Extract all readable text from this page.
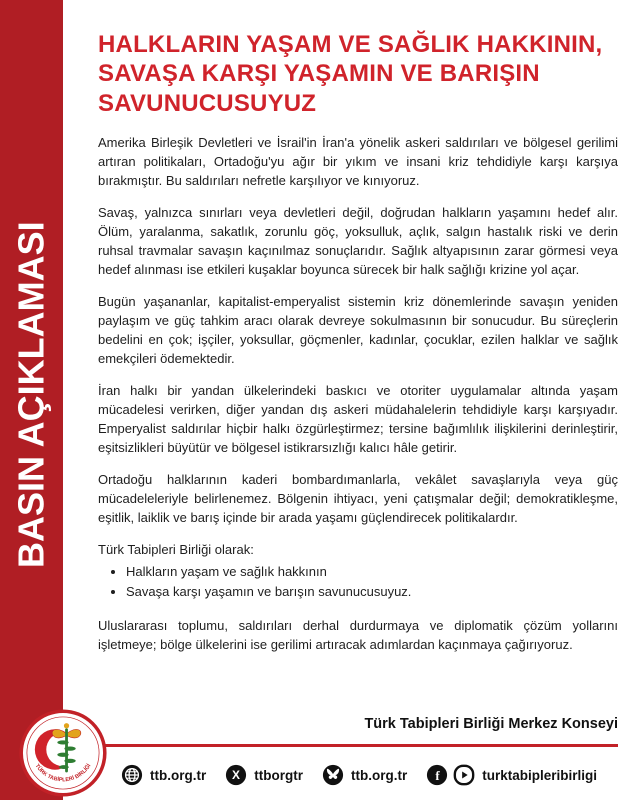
BASIN AÇIKLAMASI
HALKLARIN YAŞAM VE SAĞLIK HAKKININ, SAVAŞA KARŞI YAŞAMIN VE BARIŞIN SAVUNUCUSUYUZ

Amerika Birleşik Devletleri ve İsrail'in İran'a yönelik askeri saldırıları ve bölgesel gerilimi artıran politikaları, Ortadoğu'yu ağır bir yıkım ve insani kriz tehdidiyle karşı karşıya bırakmıştır. Bu saldırıları nefretle karşılıyor ve kınıyoruz.

Savaş, yalnızca sınırları veya devletleri değil, doğrudan halkların yaşamını hedef alır. Ölüm, yaralanma, sakatlık, zorunlu göç, yoksulluk, açlık, salgın hastalık riski ve derin ruhsal travmalar savaşın kaçınılmaz sonuçlarıdır. Sağlık altyapısının zarar görmesi veya hedef alınması ise etkileri kuşaklar boyunca sürecek bir halk sağlığı krizine yol açar.

Bugün yaşananlar, kapitalist-emperyalist sistemin kriz dönemlerinde savaşın yeniden paylaşım ve güç tahkim aracı olarak devreye sokulmasının bir sonucudur. Bu süreçlerin bedelini en çok; işçiler, yoksullar, göçmenler, kadınlar, çocuklar, ezilen halklar ve sağlık emekçileri ödemektedir.

İran halkı bir yandan ülkelerindeki baskıcı ve otoriter uygulamalar altında yaşam mücadelesi verirken, diğer yandan dış askeri müdahalelerin tehdidiyle karşı karşıyadır. Emperyalist saldırılar hiçbir halkı özgürleştirmez; tersine bağımlılık ilişkilerini derinleştirir, eşitsizlikleri büyütür ve bölgesel istikrarsızlığı kalıcı hâle getirir.

Ortadoğu halklarının kaderi bombardımanlarla, vekâlet savaşlarıyla veya güç mücadeleleriyle belirlenemez. Bölgenin ihtiyacı, yeni çatışmalar değil; demokratikleşme, eşitlik, laiklik ve barış içinde bir arada yaşamı güçlendirecek politikalardır.

Türk Tabipleri Birliği olarak:

• Halkların yaşam ve sağlık hakkının
• Savaşa karşı yaşamın ve barışın savunucusuyuz.

Uluslararası toplumu, saldırıları derhal durdurmaya ve diplomatik çözüm yollarını işletmeye; bölge ülkelerini ise gerilimi artıracak adımlardan kaçınmaya çağırıyoruz.

Türk Tabipleri Birliği Merkez Konseyi
ttb.org.tr X ttborgtr	ttb.org.tr f	turktabipleribirligi
TÜRK TABİPLERİ BİRLİĞİ
